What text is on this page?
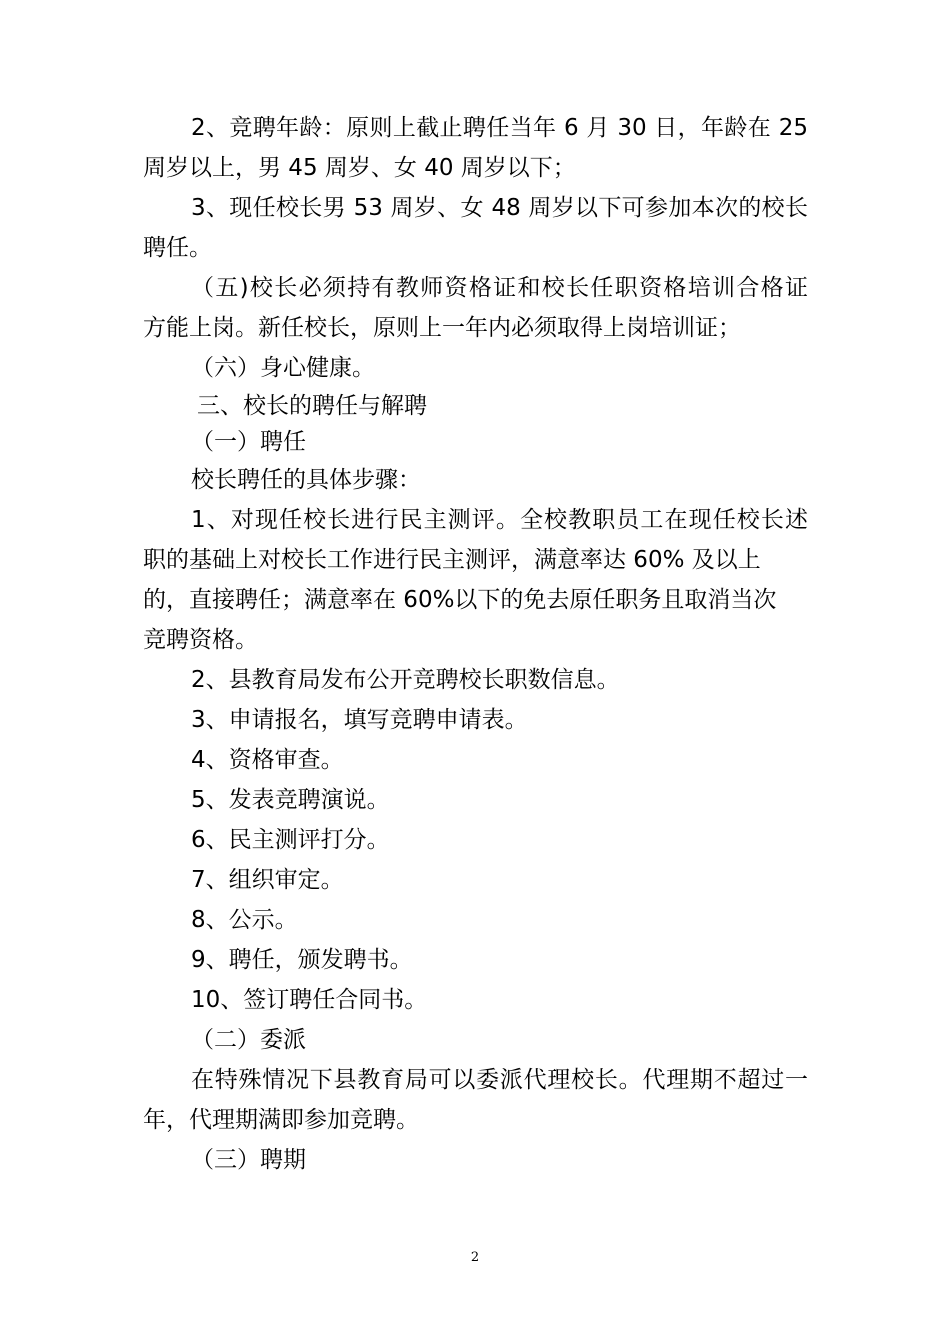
2、竞聘年龄：原则上截止聘任当年 6 月 30 日，年龄在 25
周岁以上，男 45 周岁、女 40 周岁以下；
3、现任校长男 53 周岁、女 48 周岁以下可参加本次的校长
聘任。
（五)校长必须持有教师资格证和校长任职资格培训合格证
方能上岗。新任校长，原则上一年内必须取得上岗培训证；
（六）身心健康。
三、校长的聘任与解聘
（一）聘任
校长聘任的具体步骤：
1、对现任校长进行民主测评。全校教职员工在现任校长述
职的基础上对校长工作进行民主测评，满意率达 60% 及以上
的，直接聘任；满意率在 60%以下的免去原任职务且取消当次
竞聘资格。
2、县教育局发布公开竞聘校长职数信息。
3、申请报名，填写竞聘申请表。
4、资格审查。
5、发表竞聘演说。
6、民主测评打分。
7、组织审定。
8、公示。
9、聘任，颁发聘书。
10、签订聘任合同书。
（二）委派
在特殊情况下县教育局可以委派代理校长。代理期不超过一
年，代理期满即参加竞聘。
（三）聘期
2
